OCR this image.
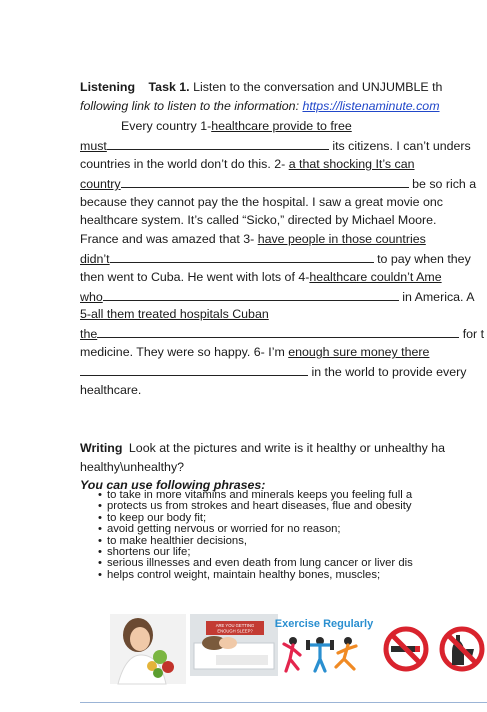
Listening Task 1. Listen to the conversation and UNJUMBLE th
following link to listen to the information: https://listenaminute.com
Every country 1-healthcare provide to free
must	its citizens. I can’t unders
countries in the world don’t do this. 2- a that shocking It’s can
country	be so rich a
because they cannot pay the the hospital. I saw a great movie onc
healthcare system. It’s called “Sicko,” directed by Michael Moore.
France and was amazed that 3- have people in those countries
didn’t	to pay when they
then went to Cuba. He went with lots of 4-healthcare couldn’t Ame
who	in America. A
5-all them treated hospitals Cuban
the	for t
medicine. They were so happy. 6- I’m enough sure money there
in the world to provide every
healthcare.
Writing Look at the pictures and write is it healthy or unhealthy ha
healthy\unhealthy?
You can use following phrases:
• to take in more vitamins and minerals keeps you feeling full a
• protects us from strokes and heart diseases, flue and obesity
• to keep our body fit;
• avoid getting nervous or worried for no reason;
• to make healthier decisions,
• shortens our life;
• serious illnesses and even death from lung cancer or liver dis
• helps control weight, maintain healthy bones, muscles;
ARE YOU GETTING
ENOUGH SLEEP?
Exercise Regularly
